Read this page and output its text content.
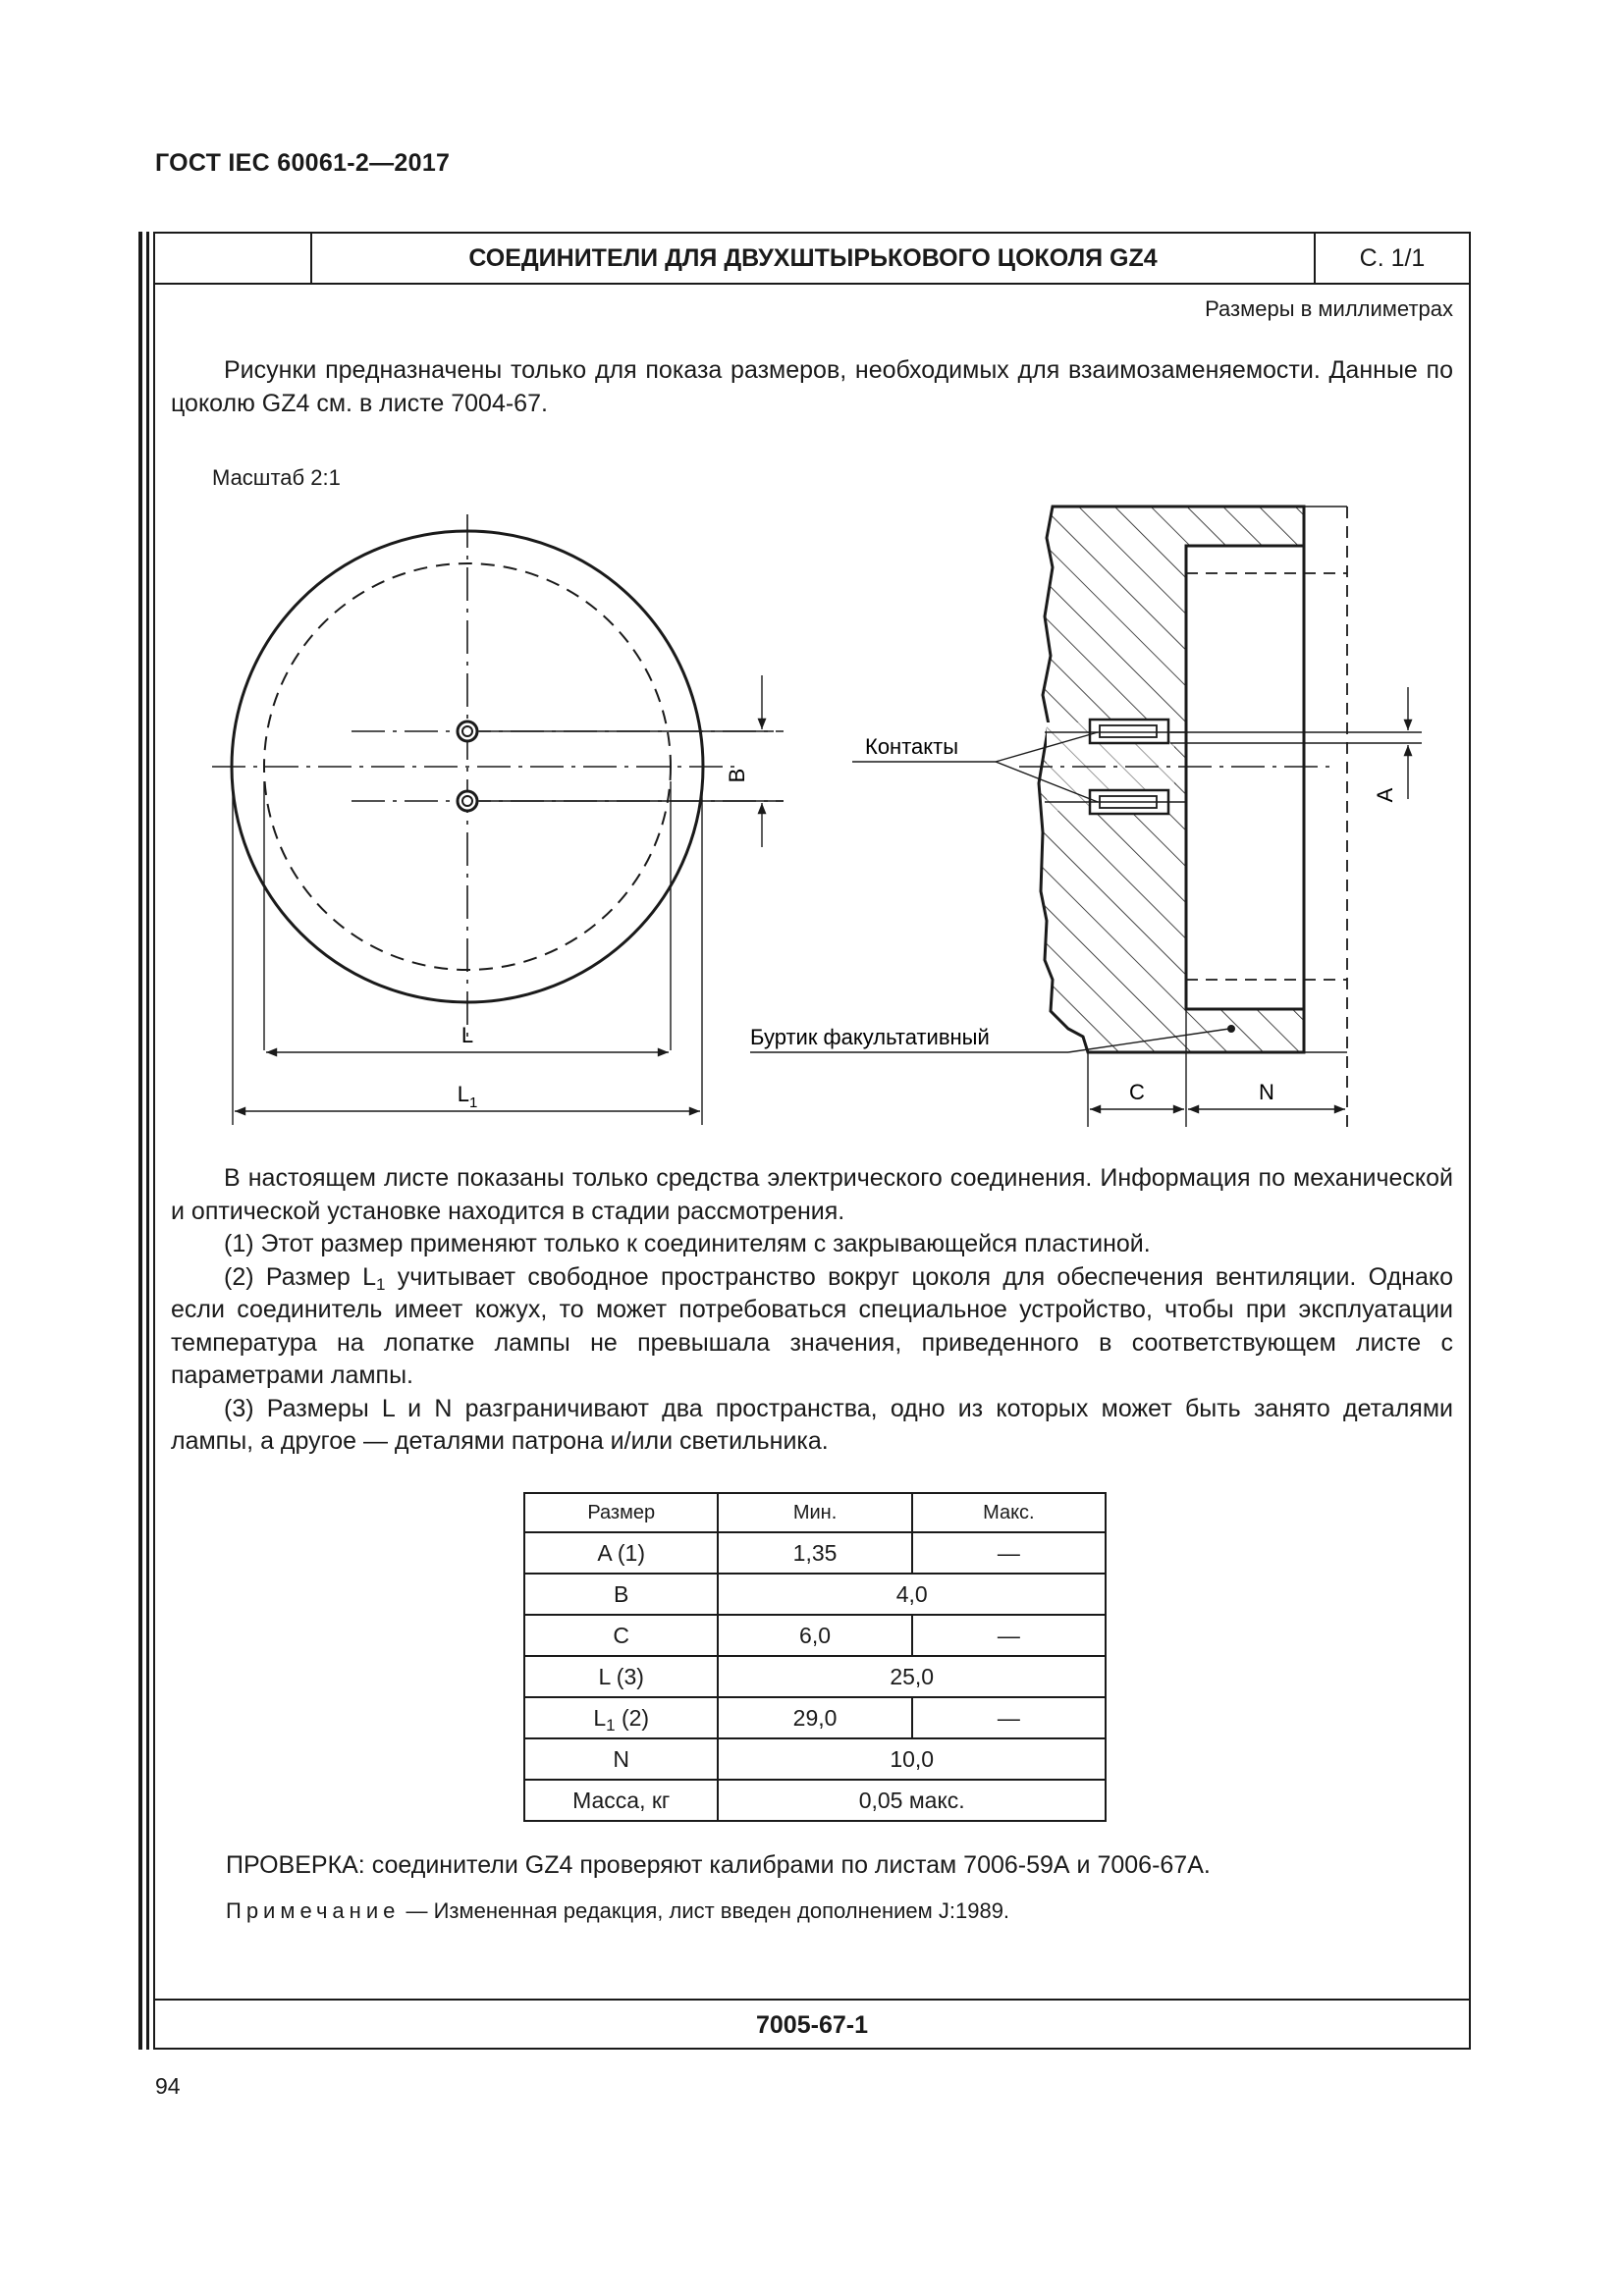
ГОСТ IEC 60061-2—2017
СОЕДИНИТЕЛИ ДЛЯ ДВУХШТЫРЬКОВОГО ЦОКОЛЯ GZ4	С. 1/1
Размеры в миллиметрах
Рисунки предназначены только для показа размеров, необходимых для взаимозаменяемости. Данные по цоколю GZ4 см. в листе 7004-67.
Масштаб 2:1
B
L
$L_1$
A
C	N
Контакты
Буртик факультативный

В настоящем листе показаны только средства электрического соединения. Информация по механической и оптической установке находится в стадии рассмотрения.

(1) Этот размер применяют только к соединителям с закрывающейся пластиной.

(2) Размер $L_1$ учитывает свободное пространство вокруг цоколя для обеспечения вентиляции. Однако если соединитель имеет кожух, то может потребоваться специальное устройство, чтобы при эксплуатации температура на лопатке лампы не превышала значения, приведенного в соответствующем листе с параметрами лампы.

(3) Размеры L и N разграничивают два пространства, одно из которых может быть занято деталями лампы, а другое — деталями патрона и/или светильника.

Размер	Мин.	Макс.
A (1)	1,35	—
B	4,0	
C	6,0	—
L (3)	25,0	
$L_1$ (2)	29,0	—
N	10,0	
Масса, кг	0,05 макс.	
ПРОВЕРКА: соединители GZ4 проверяют калибрами по листам 7006-59А и 7006-67А.
Примечание — Измененная редакция, лист введен дополнением J:1989.
7005-67-1
94
